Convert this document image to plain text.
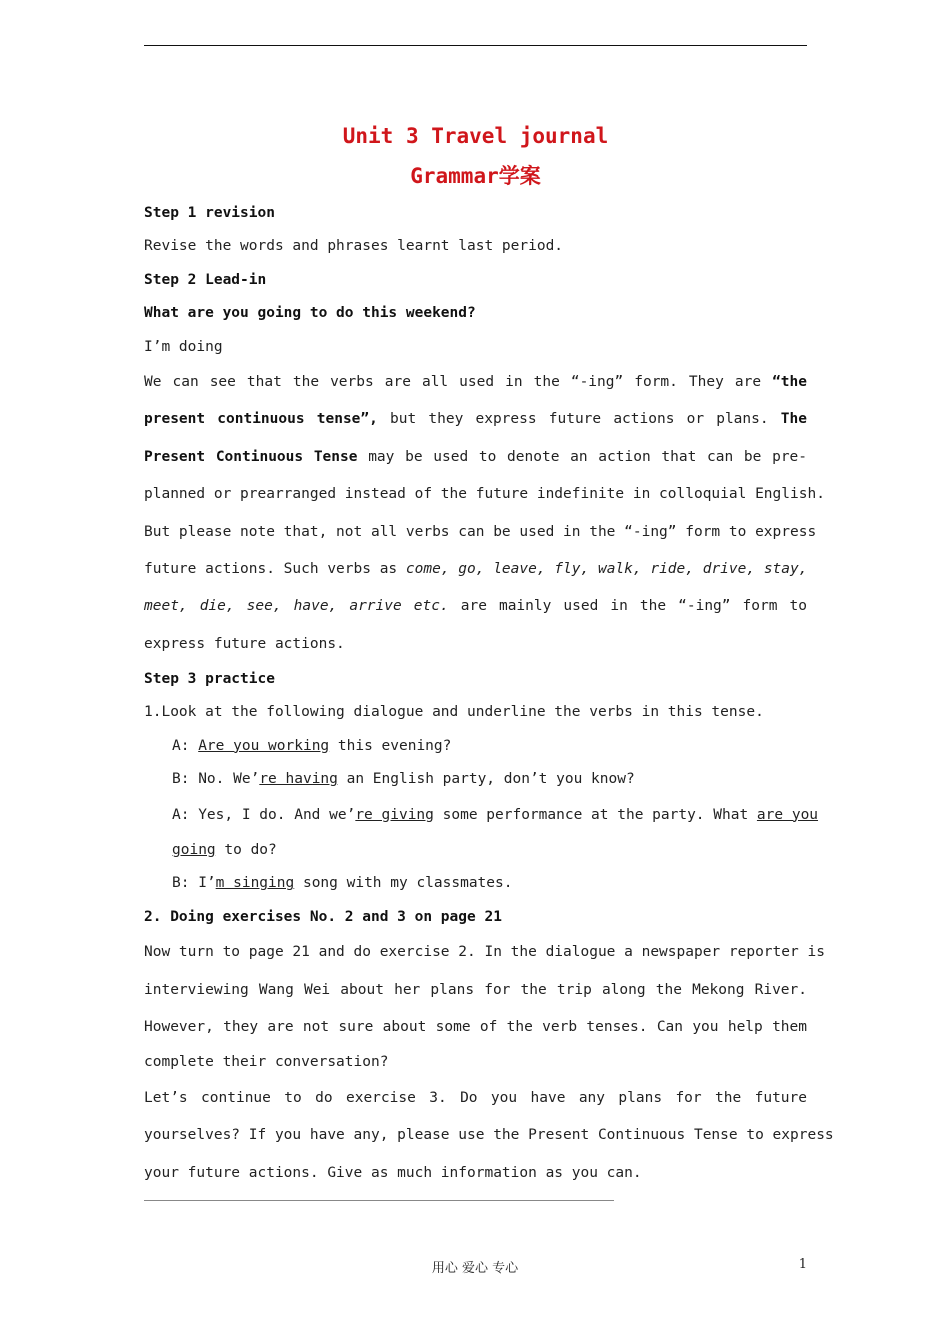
Unit 3 Travel journal
Grammar学案
Step 1 revision
Revise the words and phrases learnt last period.
Step 2 Lead-in
What are you going to do this weekend?
I’m doing
We can see that the verbs are all used in the “-ing” form. They are “the
present continuous tense”, but they express future actions or plans. The
Present Continuous Tense may be used to denote an action that can be pre-
planned or prearranged instead of the future indefinite in colloquial English.
But please note that, not all verbs can be used in the “-ing” form to express
future actions. Such verbs as come, go, leave, fly, walk, ride, drive, stay,
meet, die, see, have, arrive etc. are mainly used in the “-ing” form to
express future actions.
Step 3 practice
1.Look at the following dialogue and underline the verbs in this tense.
A: Are you working this evening?
B: No. We’re having an English party, don’t you know?
A: Yes, I do. And we’re giving some performance at the party. What are you
going to do?
B: I’m singing song with my classmates.
2. Doing exercises No. 2 and 3 on page 21
Now turn to page 21 and do exercise 2. In the dialogue a newspaper reporter is
interviewing Wang Wei about her plans for the trip along the Mekong River.
However, they are not sure about some of the verb tenses. Can you help them
complete their conversation?
Let’s continue to do exercise 3. Do you have any plans for the future
yourselves? If you have any, please use the Present Continuous Tense to express
your future actions. Give as much information as you can.
用心 爱心 专心	1
